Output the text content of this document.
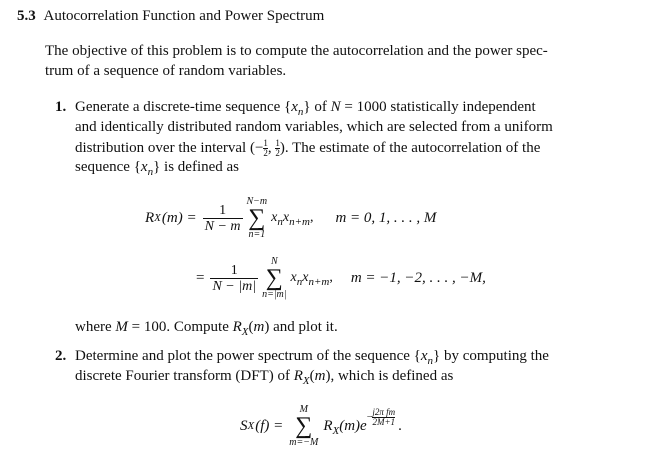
5.3 Autocorrelation Function and Power Spectrum
The objective of this problem is to compute the autocorrelation and the power spec-
trum of a sequence of random variables.
1. Generate a discrete-time sequence $\{x_n\}$ of N = 1000 statistically independent
and identically distributed random variables, which are selected from a uniform
distribution over the interval (− $\frac{1}{2}$ , $\frac{1}{2}$ ). The estimate of the autocorrelation of the
sequence $\{x_n\}$ is defined as
R X $(m) = \frac{1}{N - m}$
N−m
∑
n=1
$x_nx_{n+m}$, m = 0, 1, . . . , M
= $\frac{1}{N - |m|}$
N
∑
n=|m|
$x_nx_{n+m}$, m = −1, −2, . . . , −M,
where M = 100. Compute $R_X(m)$ and plot it.
2. Determine and plot the power spectrum of the sequence $\{x_n\}$ by computing the
discrete Fourier transform (DFT) of $R_X(m)$, which is defined as
S X (f) =
M
∑
m=−M
$R_X(m)e$
− $\frac{\text{j2π fm}}{2M+1}$ .
